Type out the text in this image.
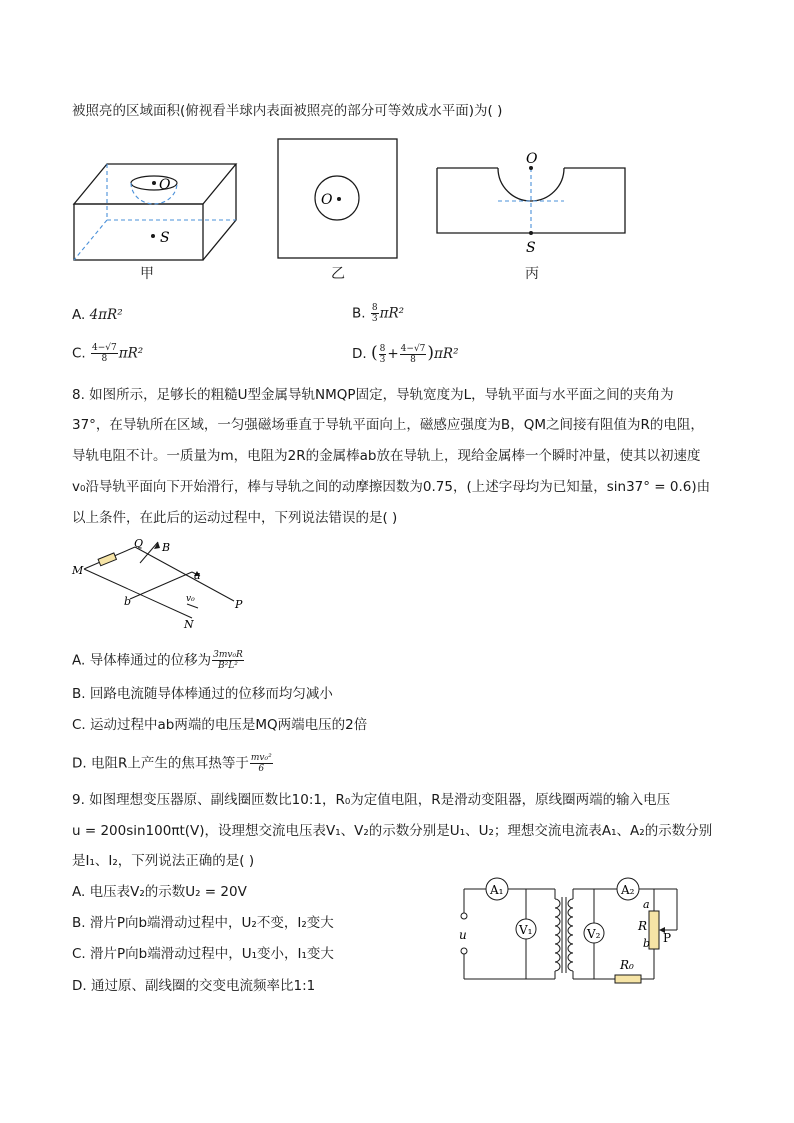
被照亮的区域面积(俯视看半球内表面被照亮的部分可等效成水平面)为( )
O
S
甲
O
乙
O
S
丙
A. 4πR²	B. $\frac{8}{3} \pi R^2$
C. $\frac{4-√7}{8} \pi R^2$	D. ( $\frac{8}{3} + \frac{4-√7}{8} )\pi R^2$
8. 如图所示，足够长的粗糙U型金属导轨NMQP固定，导轨宽度为L，导轨平面与水平面之间的夹角为
37°，在导轨所在区域，一匀强磁场垂直于导轨平面向上，磁感应强度为B，QM之间接有阻值为R的电阻，
导轨电阻不计。一质量为m，电阻为2R的金属棒ab放在导轨上，现给金属棒一个瞬时冲量，使其以初速度
v₀沿导轨平面向下开始滑行，棒与导轨之间的动摩擦因数为0.75，(上述字母均为已知量，sin37° = 0.6)由
以上条件，在此后的运动过程中，下列说法错误的是( )
M
Q B
a
b	v₀	P
N
A. 导体棒通过的位移为 $\frac{\text{3mv₀R}}{\text{B²L²}}$
B. 回路电流随导体棒通过的位移而均匀减小
C. 运动过程中ab两端的电压是MQ两端电压的2倍
D. 电阻R上产生的焦耳热等于 $\frac{\text{mv₀²}}{6}$
9. 如图理想变压器原、副线圈匝数比10:1，R₀为定值电阻，R是滑动变阻器，原线圈两端的输入电压
u = 200sin100πt(V)，设理想交流电压表V₁、V₂的示数分别是U₁、U₂；理想交流电流表A₁、A₂的示数分别
是I₁、I₂，下列说法正确的是( )
A. 电压表V₂的示数U₂ = 20V
B. 滑片P向b端滑动过程中，U₂不变，I₂变大
C. 滑片P向b端滑动过程中，U₁变小，I₁变大
D. 通过原、副线圈的交变电流频率比1:1
A₁
V₁
A₂
V₂
u
R
a
b P
R₀
